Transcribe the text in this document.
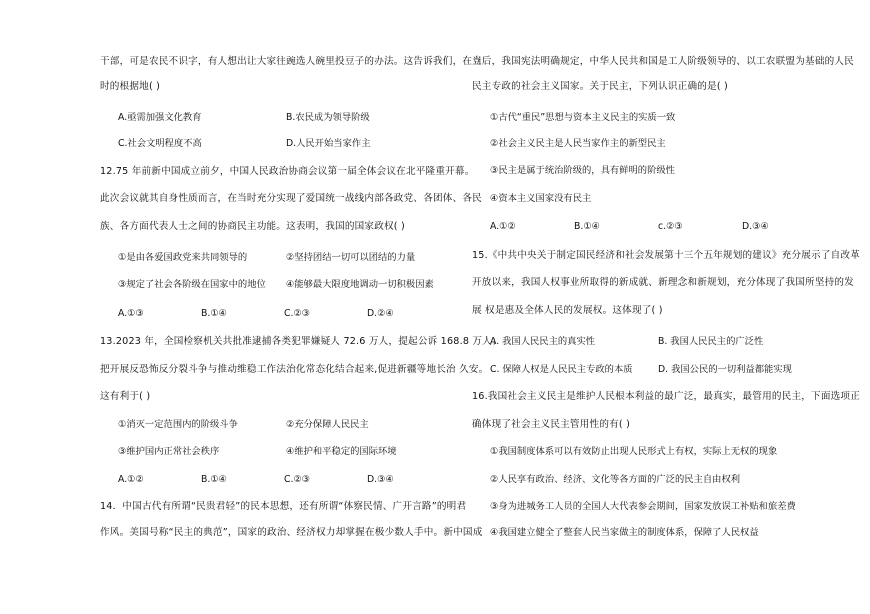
干部，可是农民不识字，有人想出让大家往豌选人碗里投豆子的办法。这告诉我们，在当
时的根据地( )
A.亟需加强文化教育	B.农民成为领导阶级
C.社会文明程度不高	D.人民开始当家作主
12.75 年前新中国成立前夕，中国人民政治协商会议第一届全体会议在北平隆重开幕。
此次会议就其自身性质而言，在当时充分实现了爱国统一战线内部各政党、各团体、各民
族、各方面代表人士之间的协商民主功能。这表明，我国的国家政权( )
①是由各爱国政党来共同领导的	②坚持团结一切可以团结的力量
③规定了社会各阶级在国家中的地位 ④能够最大限度地调动一切积极因素
A.①③	B.①④	C.②③	D.②④
13.2023 年，全国检察机关共批准逮捕各类犯罪嫌疑人 72.6 万人，提起公诉 168.8 万人；
把开展反恐怖反分裂斗争与推动维稳工作法治化常态化结合起来,促进新疆等地长治 久安。
这有利于( )
①消灭一定范围内的阶级斗争	②充分保障人民民主
③维护国内正常社会秩序	④维护和平稳定的国际环境
A.①②	B.①④	C.②③	D.③④
14．中国古代有所谓“民贵君轻”的民本思想，还有所谓“体察民情、广开言路”的明君
作风。美国号称“民主的典范”，国家的政治、经济权力却掌握在极少数人手中。新中国成
立后，我国宪法明确规定，中华人民共和国是工人阶级领导的、以工农联盟为基础的人民
民主专政的社会主义国家。关于民主，下列认识正确的是( )
①古代“重民”思想与资本主义民主的实质一致
②社会主义民主是人民当家作主的新型民主
③民主是属于统治阶级的，具有鲜明的阶级性
④资本主义国家没有民主
A.①②	B.①④	c.②③	D.③④
15.《中共中央关于制定国民经济和社会发展第十三个五年规划的建议》充分展示了自改革
开放以来，我国人权事业所取得的新成就、新理念和新规划，充分体现了我国所坚持的发
展 权是惠及全体人民的发展权。这体现了( )
A. 我国人民民主的真实性	B. 我国人民民主的广泛性
C. 保障人权是人民民主专政的本质	D. 我国公民的一切利益都能实现
16.我国社会主义民主是维护人民根本利益的最广泛，最真实，最管用的民主，下面选项正
确体现了社会主义民主管用性的有( )
①我国制度体系可以有效防止出现人民形式上有权，实际上无权的现象
②人民享有政治、经济、文化等各方面的广泛的民主自由权利
③身为进城务工人员的全国人大代表参会期间，国家发放误工补贴和旅差费
④我国建立健全了整套人民当家做主的制度体系，保障了人民权益
